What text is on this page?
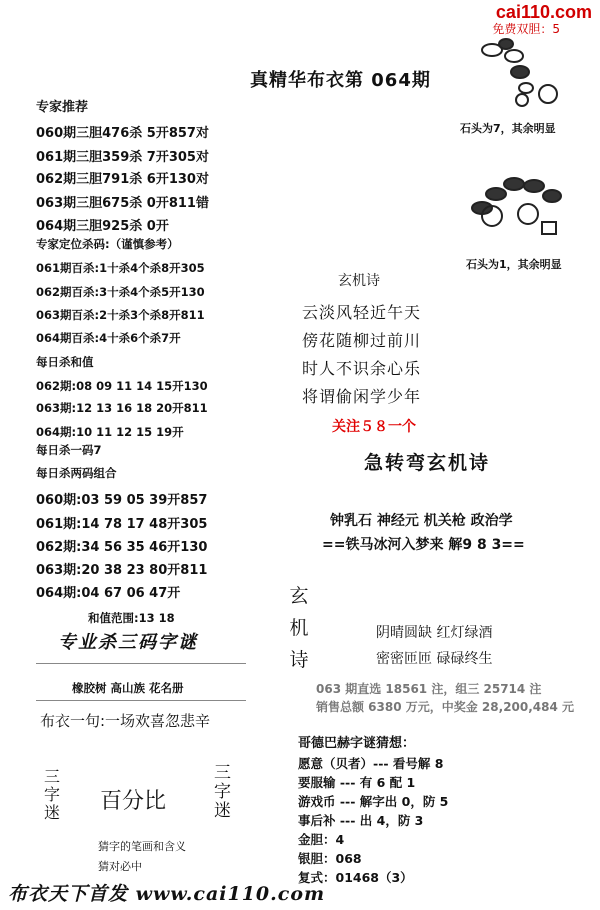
cai110.com
免费双胆：5
真精华布衣第 064期
专家推荐
060期三胆476杀 5开857对
061期三胆359杀 7开305对
062期三胆791杀 6开130对
063期三胆675杀 0开811错
064期三胆925杀 0开
专家定位杀码:（谨慎参考）
061期百杀:1十杀4个杀8开305
062期百杀:3十杀4个杀5开130
063期百杀:2十杀3个杀8开811
064期百杀:4十杀6个杀7开
每日杀和值
062期:08 09 11 14 15开130
063期:12 13 16 18 20开811
064期:10 11 12 15 19开
每日杀一码7
每日杀两码组合
060期:03 59 05 39开857
061期:14 78 17 48开305
062期:34 56 35 46开130
063期:20 38 23 80开811
064期:04 67 06 47开
和值范围:13 18
专业杀三码字谜
橡胶树 高山族 花名册
布衣一句:一场欢喜忽悲辛
三字迷 百分比
三字迷
猜字的笔画和含义
猜对必中
石头为7，其余明显
石头为1，其余明显
玄机诗
云淡风轻近午天
傍花随柳过前川
时人不识余心乐
将谓偷闲学少年
关注５８一个
急转弯玄机诗
钟乳石 神经元 机关枪 政治学
==铁马冰河入梦来 解9 8 3==
玄机诗
阴晴圆缺 红灯绿酒
密密匝匝 碌碌终生
063 期直选 18561 注，组三 25714 注
销售总额 6380 万元，中奖金 28,200,484 元
哥德巴赫字谜猜想：
愿意（贝者）--- 看号解 8
要服输 --- 有 6 配 1
游戏币 --- 解字出 0，防 5
事后补 --- 出 4，防 3
金胆：4
银胆：068
复式：01468（3）
布衣天下首发 www.cai110.com
